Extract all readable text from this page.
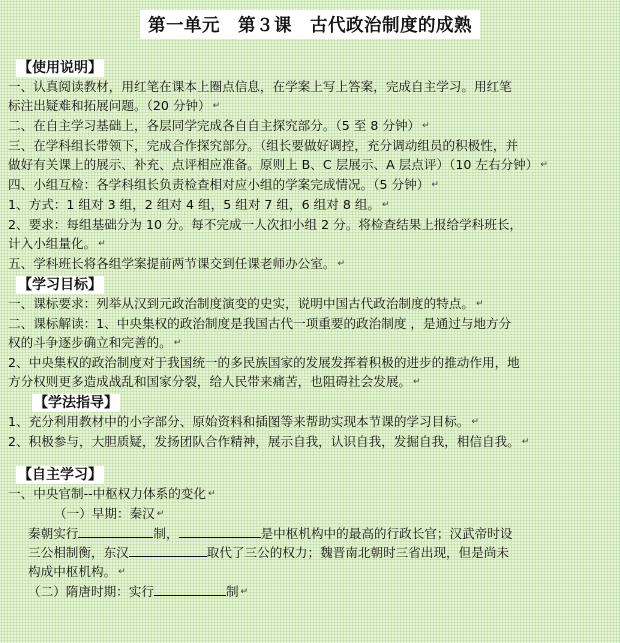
第一单元　第３课　古代政治制度的成熟
【使用说明】

一、认真阅读教材，用红笔在课本上圈点信息，在学案上写上答案，完成自主学习。用红笔

标注出疑难和拓展问题。（20 分钟） ↵

二、在自主学习基础上，各层同学完成各自自主探究部分。（5 至 8 分钟） ↵

三、在学科组长带领下，完成合作探究部分。（组长要做好调控，充分调动组员的积极性，并

做好有关课上的展示、补充、点评相应准备。原则上 B、C 层展示、A 层点评）（10 左右分钟） ↵

四、小组互检：各学科组长负责检查相对应小组的学案完成情况。（5 分钟） ↵

1、方式：1 组对 3 组，2 组对 4 组，5 组对 7 组，6 组对 8 组。 ↵

2、要求：每组基础分为 10 分。每不完成一人次扣小组 2 分。将检查结果上报给学科班长，

计入小组量化。 ↵

五、学科班长将各组学案提前两节课交到任课老师办公室。 ↵

【学习目标】

一、课标要求：列举从汉到元政治制度演变的史实，说明中国古代政治制度的特点。 ↵

二、课标解读：1、中央集权的政治制度是我国古代一项重要的政治制度 ，是通过与地方分

权的斗争逐步确立和完善的。 ↵

2、中央集权的政治制度对于我国统一的多民族国家的发展发挥着积极的进步的推动作用，地

方分权则更多造成战乱和国家分裂，给人民带来痛苦，也阻碍社会发展。 ↵

【学法指导】

1、充分利用教材中的小字部分、原始资料和插图等来帮助实现本节课的学习目标。 ↵

2、积极参与，大胆质疑，发扬团队合作精神，展示自我，认识自我，发掘自我，相信自我。 ↵

【自主学习】

一、中央官制--中枢权力体系的变化 ↵

（一）早期：秦汉 ↵

秦朝实行	制，	是中枢机构中的最高的行政长官；汉武帝时设

三公相制衡，东汉	取代了三公的权力；魏晋南北朝时三省出现，但是尚未

构成中枢机构。 ↵

（二）隋唐时期：实行	制 ↵
